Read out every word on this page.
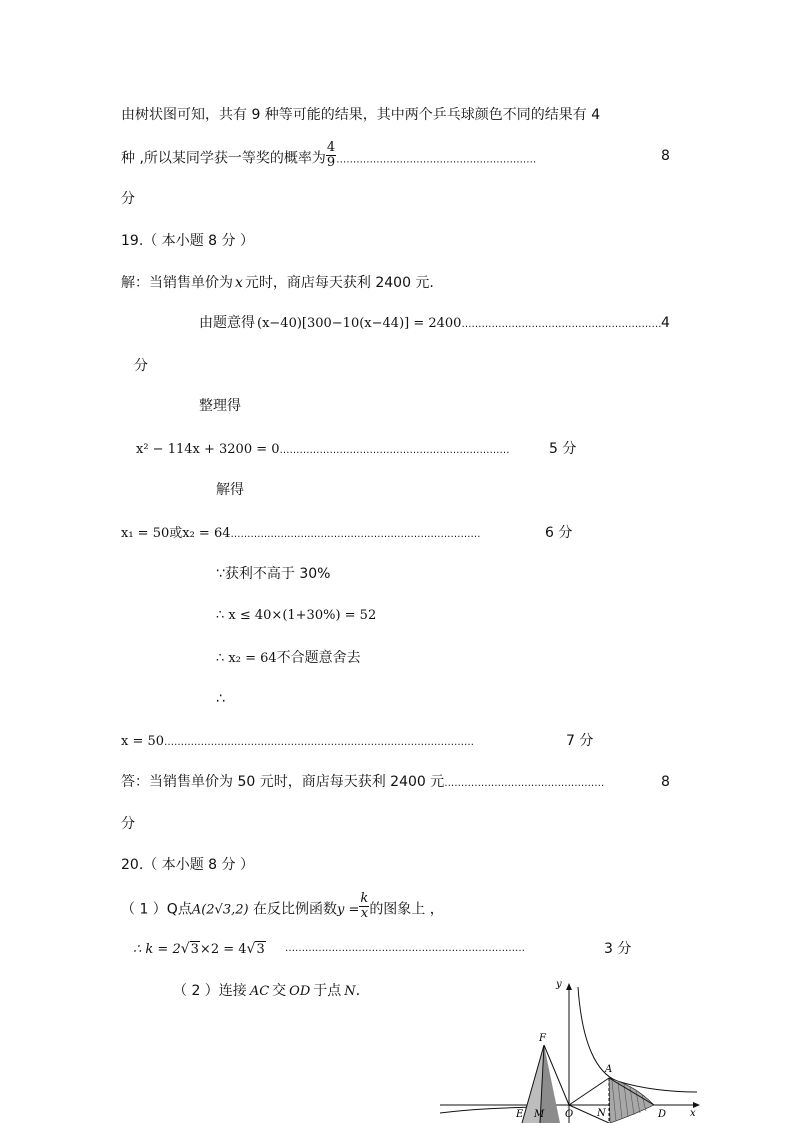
由树状图可知，共有 9 种等可能的结果，其中两个乒乓球颜色不同的结果有 4
种 ,所以某同学获一等奖的概率为 $\frac{4}{9}$ ……………………………………………………	8
分
19.（ 本小题 8 分 ）
解：当销售单价为 x 元时，商店每天获利 2400 元.
由题意得 (x−40)[300−10(x−44)] = 2400…………………………………………………… 4
分
整理得
x² − 114x + 3200 = 0……………………………………………………………	5 分
解得
x₁ = 50或x₂ = 64…………………………………………………………………	6 分
∵获利不高于 30%
∴ x ≤ 40×(1+30%) = 52
∴ x₂ = 64不合题意舍去
∴
x = 50…………………………………………………………………………………	7 分
答：当销售单价为 50 元时，商店每天获利 2400 元…………………………………………	8
分
20.（ 本小题 8 分 ）
（ 1 ）Q点A(2√3,2) 在反比例函数$y = \frac{k}{x}$ 的图象上 ，
∴ k = 2√3×2 = 4√3 ………………………………………………………………	3 分
（ 2 ）连接 AC 交 OD 于点 N.	y
F
A
E M O N	D x
